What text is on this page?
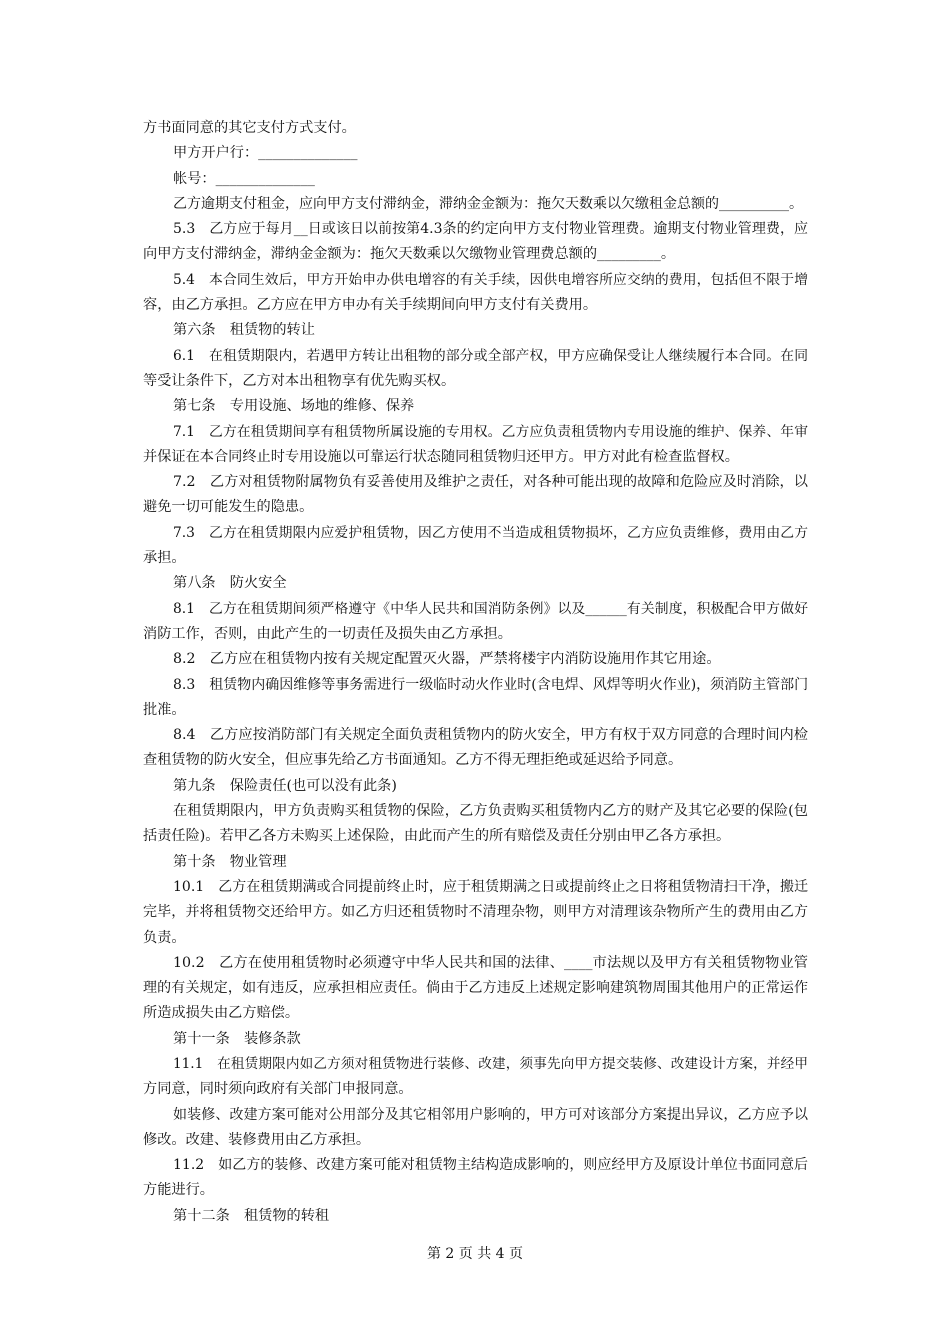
方书面同意的其它支付方式支付。
甲方开户行：______________
帐号：______________
乙方逾期支付租金，应向甲方支付滞纳金，滞纳金金额为：拖欠天数乘以欠缴租金总额的__________。
5.3　乙方应于每月__日或该日以前按第4.3条的约定向甲方支付物业管理费。逾期支付物业管理费，应
向甲方支付滞纳金，滞纳金金额为：拖欠天数乘以欠缴物业管理费总额的_________。
5.4　本合同生效后，甲方开始申办供电增容的有关手续，因供电增容所应交纳的费用，包括但不限于增
容，由乙方承担。乙方应在甲方申办有关手续期间向甲方支付有关费用。
第六条　租赁物的转让
6.1　在租赁期限内，若遇甲方转让出租物的部分或全部产权，甲方应确保受让人继续履行本合同。在同
等受让条件下，乙方对本出租物享有优先购买权。
第七条　专用设施、场地的维修、保养
7.1　乙方在租赁期间享有租赁物所属设施的专用权。乙方应负责租赁物内专用设施的维护、保养、年审
并保证在本合同终止时专用设施以可靠运行状态随同租赁物归还甲方。甲方对此有检查监督权。
7.2　乙方对租赁物附属物负有妥善使用及维护之责任，对各种可能出现的故障和危险应及时消除，以
避免一切可能发生的隐患。
7.3　乙方在租赁期限内应爱护租赁物，因乙方使用不当造成租赁物损坏，乙方应负责维修，费用由乙方
承担。
第八条　防火安全
8.1　乙方在租赁期间须严格遵守《中华人民共和国消防条例》以及______有关制度，积极配合甲方做好
消防工作，否则，由此产生的一切责任及损失由乙方承担。
8.2　乙方应在租赁物内按有关规定配置灭火器，严禁将楼宇内消防设施用作其它用途。
8.3　租赁物内确因维修等事务需进行一级临时动火作业时(含电焊、风焊等明火作业)，须消防主管部门
批准。
8.4　乙方应按消防部门有关规定全面负责租赁物内的防火安全，甲方有权于双方同意的合理时间内检
查租赁物的防火安全，但应事先给乙方书面通知。乙方不得无理拒绝或延迟给予同意。
第九条　保险责任(也可以没有此条)
在租赁期限内，甲方负责购买租赁物的保险，乙方负责购买租赁物内乙方的财产及其它必要的保险(包
括责任险)。若甲乙各方未购买上述保险，由此而产生的所有赔偿及责任分别由甲乙各方承担。
第十条　物业管理
10.1　乙方在租赁期满或合同提前终止时，应于租赁期满之日或提前终止之日将租赁物清扫干净，搬迁
完毕，并将租赁物交还给甲方。如乙方归还租赁物时不清理杂物，则甲方对清理该杂物所产生的费用由乙方
负责。
10.2　乙方在使用租赁物时必须遵守中华人民共和国的法律、____市法规以及甲方有关租赁物物业管
理的有关规定，如有违反，应承担相应责任。倘由于乙方违反上述规定影响建筑物周围其他用户的正常运作
所造成损失由乙方赔偿。
第十一条　装修条款
11.1　在租赁期限内如乙方须对租赁物进行装修、改建，须事先向甲方提交装修、改建设计方案，并经甲
方同意，同时须向政府有关部门申报同意。
如装修、改建方案可能对公用部分及其它相邻用户影响的，甲方可对该部分方案提出异议，乙方应予以
修改。改建、装修费用由乙方承担。
11.2　如乙方的装修、改建方案可能对租赁物主结构造成影响的，则应经甲方及原设计单位书面同意后
方能进行。
第十二条　租赁物的转租
第 2 页 共 4 页
